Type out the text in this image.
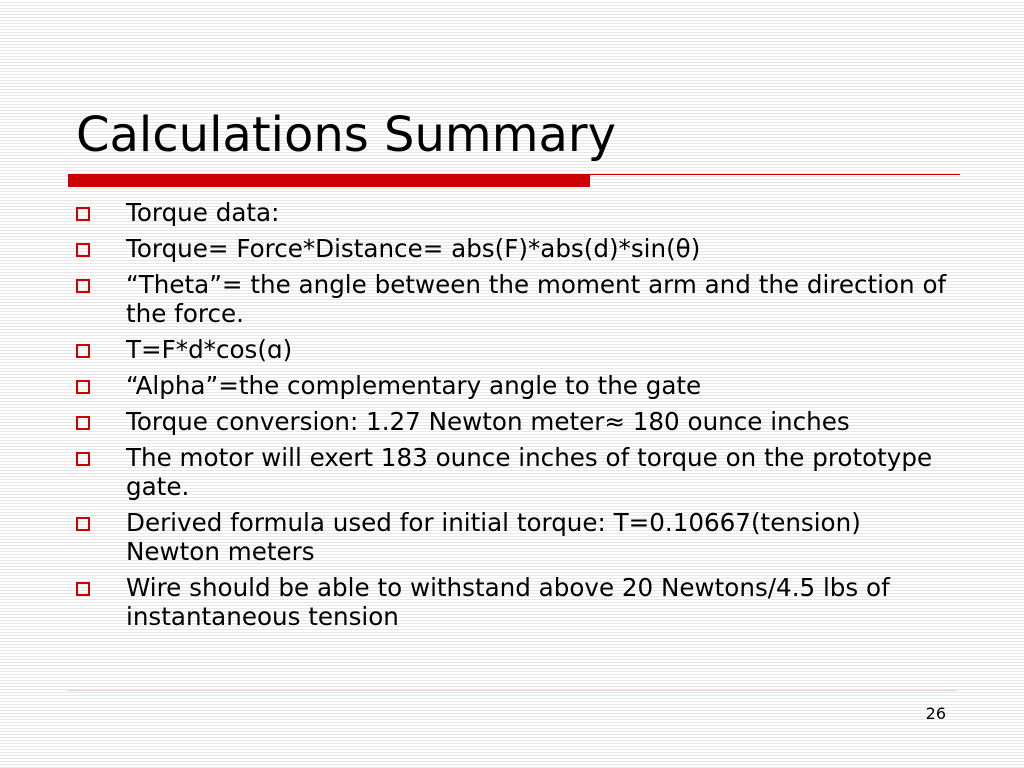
Calculations Summary
Torque data:
Torque= Force*Distance= abs(F)*abs(d)*sin(θ)
“Theta”= the angle between the moment arm and the direction of the force.
T=F*d*cos(ɑ)
“Alpha”=the complementary angle to the gate
Torque conversion: 1.27 Newton meter≈ 180 ounce inches
The motor will exert 183 ounce inches of torque on the prototype gate.
Derived formula used for initial torque: T=0.10667(tension) Newton meters
Wire should be able to withstand above 20 Newtons/4.5 lbs of instantaneous tension
26
